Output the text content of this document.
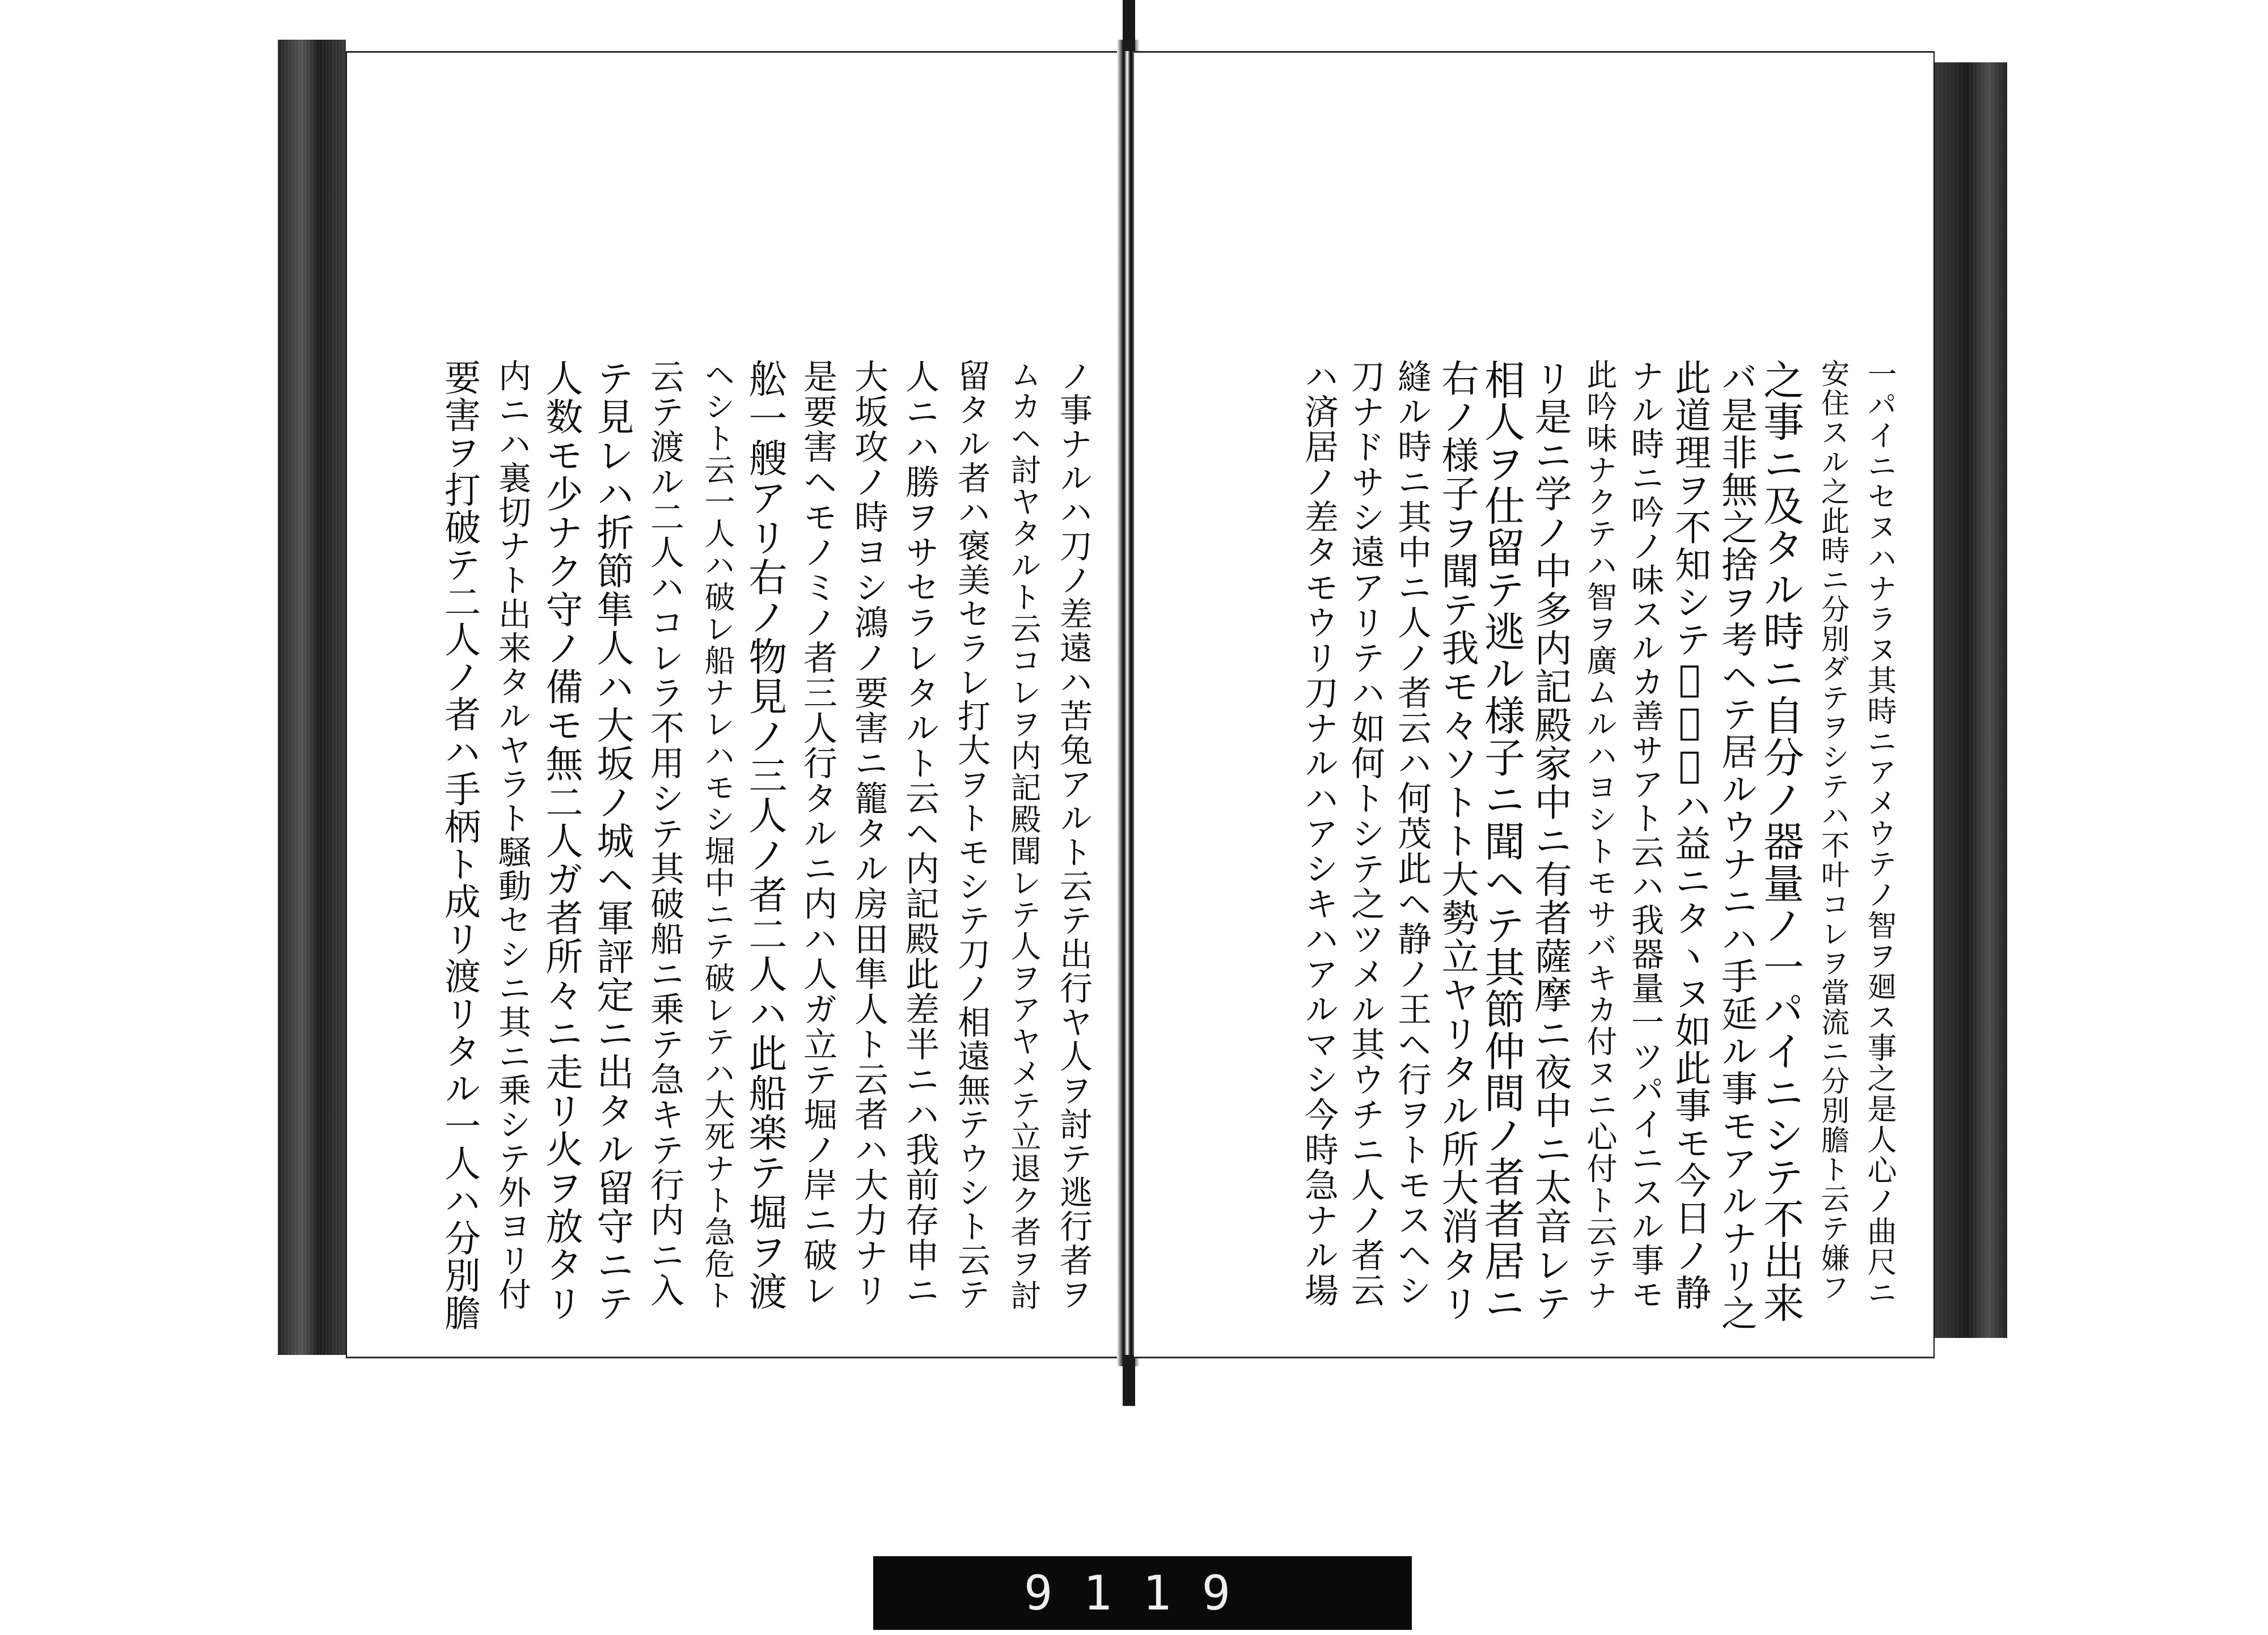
ノ事ナルハ刀ノ差遠ハ苦兔アルト云テ出行ヤ人ヲ討テ逃行者ヲ
ムカヘ討ヤタルト云コレヲ内記殿聞レテ人ヲアヤメテ立退ク者ヲ討
留タル者ハ褒美セラレ打大ヲトモシテ刀ノ相遠無テウシト云テ
人ニハ勝ヲサセラレタルト云ヘ内記殿此差半ニハ我前存申ニ
大坂攻ノ時ヨシ鴻ノ要害ニ籠タル房田隼人ト云者ハ大力ナリ
是要害ヘモノミノ者三人行タルニ内ハ人ガ立テ堀ノ岸ニ破レ
舩一艘アリ右ノ物見ノ三人ノ者二人ハ此船楽テ堀ヲ渡
ヘシト云一人ハ破レ船ナレハモシ堀中ニテ破レテハ大死ナト急危ト
云テ渡ル二人ハコレラ不用シテ其破船ニ乗テ急キテ行内ニ入
テ見レハ折節隼人ハ大坂ノ城ヘ軍評定ニ出タル留守ニテ
人数モ少ナク守ノ備モ無二人ガ者所々ニ走リ火ヲ放タリ
内ニハ裏切ナト出来タルヤラト騒動セシニ其ニ乗シテ外ヨリ付
要害ヲ打破テ二人ノ者ハ手柄ト成リ渡リタル一人ハ分別膽	一パイニセヌハナラヌ其時ニアメウテノ智ヲ廻ス事之是人心ノ曲尺ニ
安住スル之此時ニ分別ダテヲシテハ不叶コレヲ當流ニ分別膽ト云テ嫌フ
之事ニ及タル時ニ自分ノ器量ノ一パイニシテ不出来
バ是非無之捨ヲ考ヘテ居ルウナニハ手延ル事モアルナリ之
此道理ヲ不知シテ𬼀学問ハ益ニタヽヌ如此事モ今日ノ静
ナル時ニ吟ノ味スルカ善サアト云ハ我器量一ツパイニスル事モ
此吟味ナクテハ智ヲ廣ムルハヨシトモサバキカ付ヌニ心付ト云テナ
リ是ニ学ノ中多内記殿家中ニ有者薩摩ニ夜中ニ太音レテ
相人ヲ仕留テ逃ル様子ニ聞ヘテ其節仲間ノ者者居ニ
右ノ様子ヲ聞テ我モ々ソトト大勢立ヤリタル所大消タリ
縫ル時ニ其中ニ人ノ者云ハ何茂此ヘ静ノ王ヘ行ヲトモスヘシ
刀ナドサシ遠アリテハ如何トシテ之ツメル其ウチニ人ノ者云
ハ済居ノ差タモウリ刀ナルハアシキハアルマシ今時急ナル場
9119
